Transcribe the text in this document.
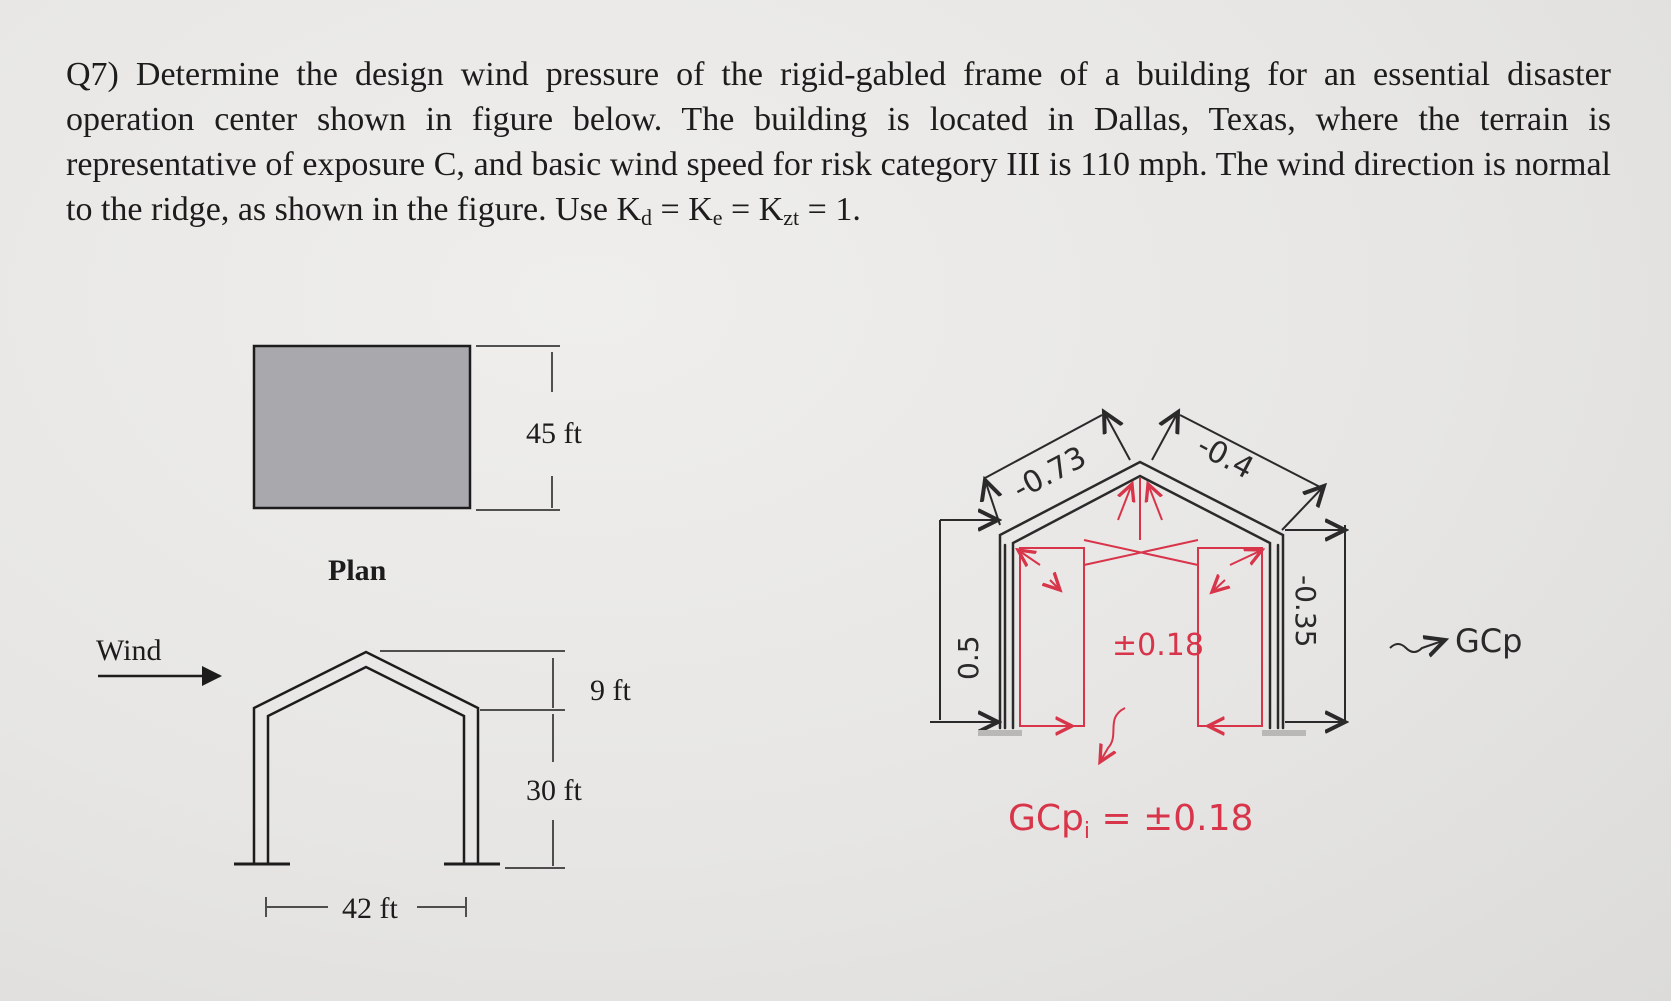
Q7) Determine the design wind pressure of the rigid-gabled frame of a building for an essential disaster operation center shown in figure below. The building is located in Dallas, Texas, where the terrain is representative of exposure C, and basic wind speed for risk category III is 110 mph. The wind direction is normal to the ridge, as shown in the figure. Use $K_d = K_e = K_{zt} = 1$.

45 ft
Plan
Wind
9 ft
30 ft
42 ft
0.5
-0.73	-0.4
-0.35
±0.18	GCp
GCp$_i$ = ±0.18
